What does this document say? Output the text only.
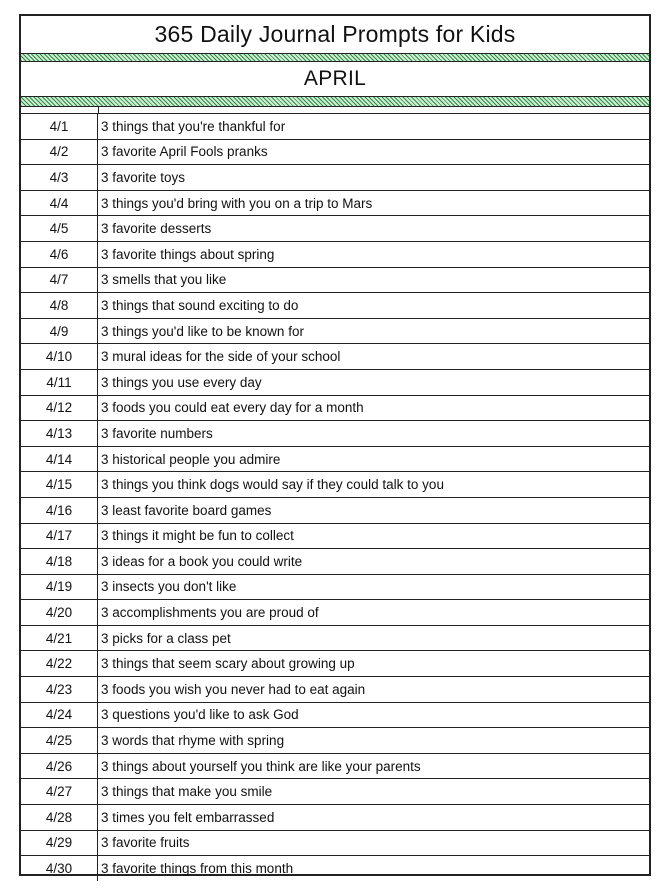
365 Daily Journal Prompts for Kids
APRIL
4/1	3 things that you're thankful for
4/2	3 favorite April Fools pranks
4/3	3 favorite toys
4/4	3 things you'd bring with you on a trip to Mars
4/5	3 favorite desserts
4/6	3 favorite things about spring
4/7	3 smells that you like
4/8	3 things that sound exciting to do
4/9	3 things you'd like to be known for
4/10	3 mural ideas for the side of your school
4/11	3 things you use every day
4/12	3 foods you could eat every day for a month
4/13	3 favorite numbers
4/14	3 historical people you admire
4/15	3 things you think dogs would say if they could talk to you
4/16	3 least favorite board games
4/17	3 things it might be fun to collect
4/18	3 ideas for a book you could write
4/19	3 insects you don't like
4/20	3 accomplishments you are proud of
4/21	3 picks for a class pet
4/22	3 things that seem scary about growing up
4/23	3 foods you wish you never had to eat again
4/24	3 questions you'd like to ask God
4/25	3 words that rhyme with spring
4/26	3 things about yourself you think are like your parents
4/27	3 things that make you smile
4/28	3 times you felt embarrassed
4/29	3 favorite fruits
4/30	3 favorite things from this month
